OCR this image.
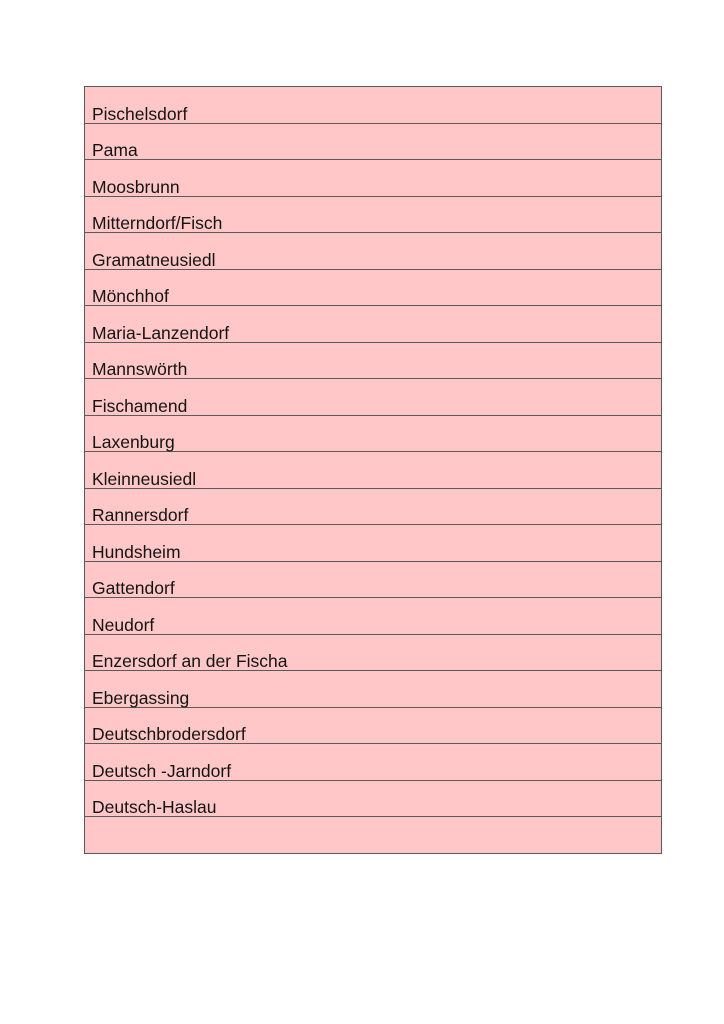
Pischelsdorf

Pama

Moosbrunn

Mitterndorf/Fisch

Gramatneusiedl

Mönchhof

Maria-Lanzendorf

Mannswörth

Fischamend

Laxenburg

Kleinneusiedl

Rannersdorf

Hundsheim

Gattendorf

Neudorf

Enzersdorf an der Fischa

Ebergassing

Deutschbrodersdorf

Deutsch -Jarndorf

Deutsch-Haslau
